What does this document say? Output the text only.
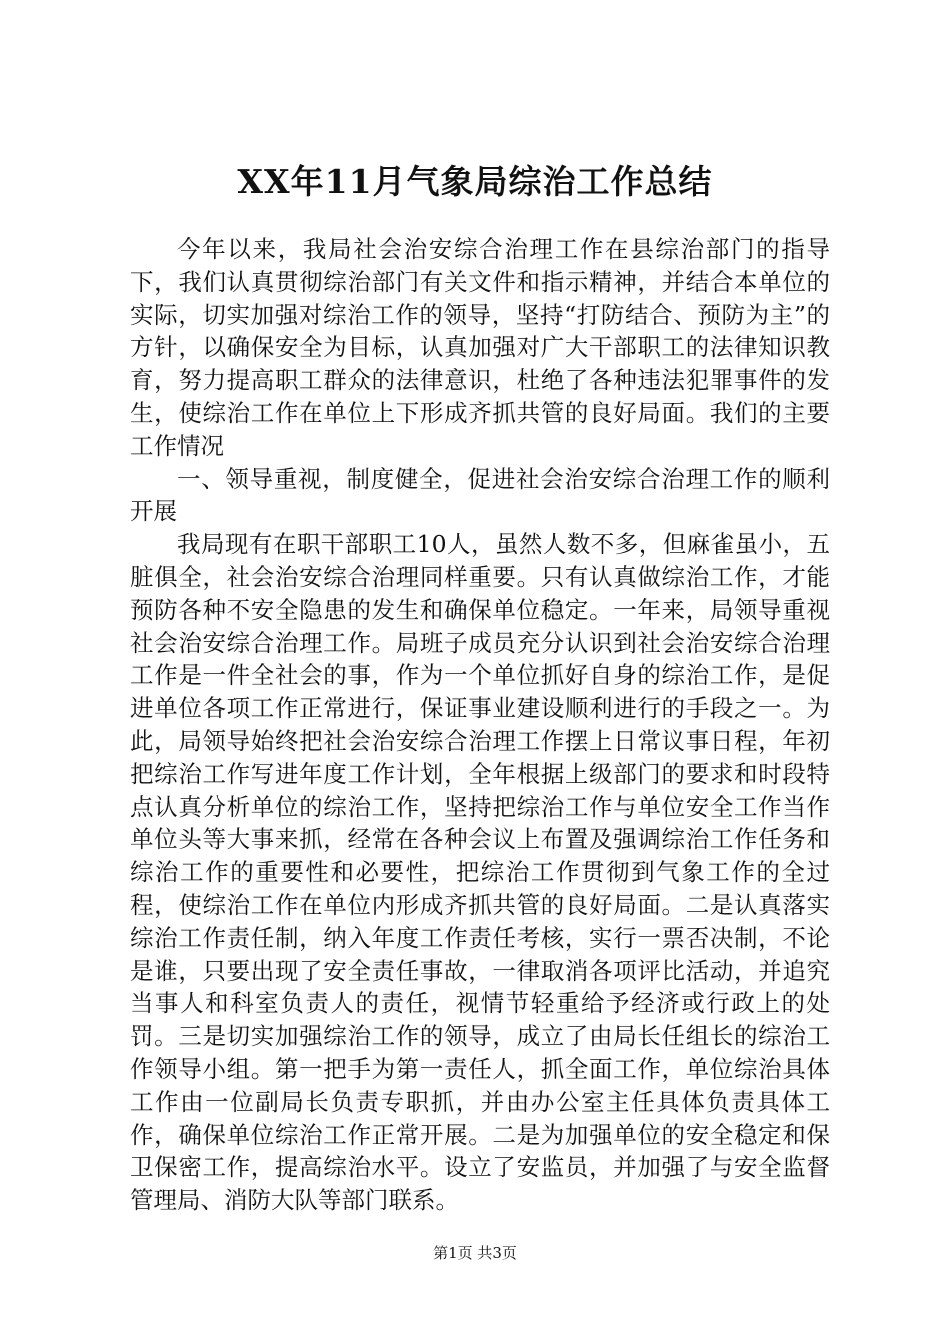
XX年11月气象局综治工作总结

今年以来，我局社会治安综合治理工作在县综治部门的指导下，我们认真贯彻综治部门有关文件和指示精神，并结合本单位的实际，切实加强对综治工作的领导，坚持“打防结合、预防为主”的方针，以确保安全为目标，认真加强对广大干部职工的法律知识教育，努力提高职工群众的法律意识，杜绝了各种违法犯罪事件的发生，使综治工作在单位上下形成齐抓共管的良好局面。我们的主要工作情况

一、领导重视，制度健全，促进社会治安综合治理工作的顺利开展

我局现有在职干部职工10人，虽然人数不多，但麻雀虽小，五脏俱全，社会治安综合治理同样重要。只有认真做综治工作，才能预防各种不安全隐患的发生和确保单位稳定。一年来，局领导重视社会治安综合治理工作。局班子成员充分认识到社会治安综合治理工作是一件全社会的事，作为一个单位抓好自身的综治工作，是促进单位各项工作正常进行，保证事业建设顺利进行的手段之一。为此，局领导始终把社会治安综合治理工作摆上日常议事日程，年初把综治工作写进年度工作计划，全年根据上级部门的要求和时段特点认真分析单位的综治工作，坚持把综治工作与单位安全工作当作单位头等大事来抓，经常在各种会议上布置及强调综治工作任务和综治工作的重要性和必要性，把综治工作贯彻到气象工作的全过程，使综治工作在单位内形成齐抓共管的良好局面。二是认真落实综治工作责任制，纳入年度工作责任考核，实行一票否决制，不论是谁，只要出现了安全责任事故，一律取消各项评比活动，并追究当事人和科室负责人的责任，视情节轻重给予经济或行政上的处罚。三是切实加强综治工作的领导，成立了由局长任组长的综治工作领导小组。第一把手为第一责任人，抓全面工作，单位综治具体工作由一位副局长负责专职抓，并由办公室主任具体负责具体工作，确保单位综治工作正常开展。二是为加强单位的安全稳定和保卫保密工作，提高综治水平。设立了安监员，并加强了与安全监督管理局、消防大队等部门联系。

第1页 共3页
